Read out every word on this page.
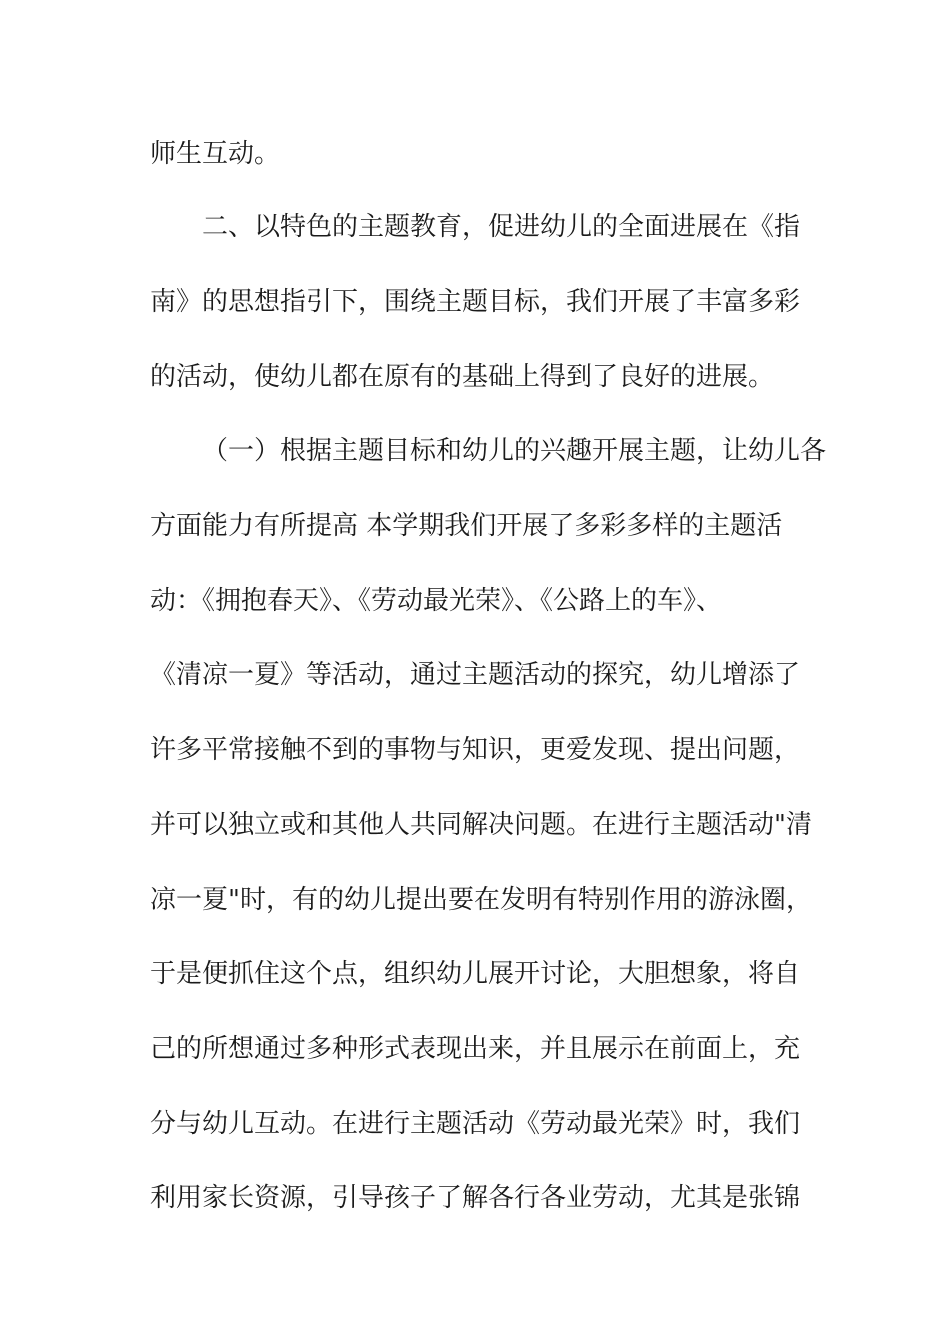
师生互动。
二、以特色的主题教育，促进幼儿的全面进展在《指
南》的思想指引下，围绕主题目标，我们开展了丰富多彩
的活动，使幼儿都在原有的基础上得到了良好的进展。
（一）根据主题目标和幼儿的兴趣开展主题，让幼儿各
方面能力有所提高 本学期我们开展了多彩多样的主题活
动：《拥抱春天》、《劳动最光荣》、《公路上的车》、
《清凉一夏》等活动，通过主题活动的探究，幼儿增添了
许多平常接触不到的事物与知识，更爱发现、提出问题，
并可以独立或和其他人共同解决问题。在进行主题活动"清
凉一夏"时，有的幼儿提出要在发明有特别作用的游泳圈，
于是便抓住这个点，组织幼儿展开讨论，大胆想象，将自
己的所想通过多种形式表现出来，并且展示在前面上，充
分与幼儿互动。在进行主题活动《劳动最光荣》时，我们
利用家长资源，引导孩子了解各行各业劳动，尤其是张锦
